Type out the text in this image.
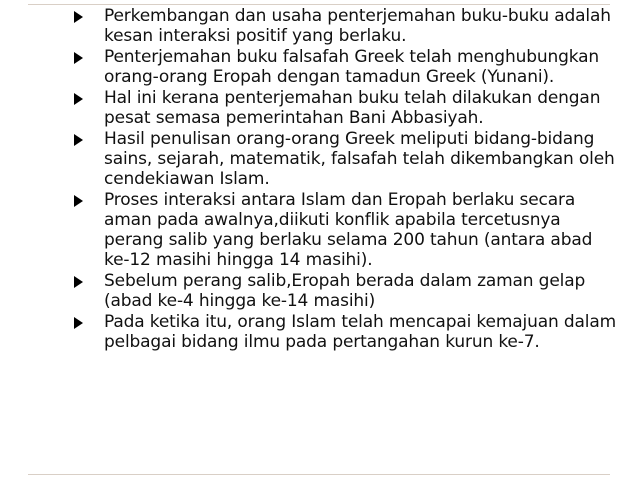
Perkembangan dan usaha penterjemahan buku-buku adalah kesan interaksi positif yang berlaku.
Penterjemahan buku falsafah Greek telah menghubungkan orang-orang Eropah dengan tamadun Greek (Yunani).
Hal ini kerana penterjemahan buku telah dilakukan dengan pesat semasa pemerintahan Bani Abbasiyah.
Hasil penulisan orang-orang Greek meliputi bidang-bidang sains, sejarah, matematik, falsafah telah dikembangkan oleh cendekiawan Islam.
Proses interaksi antara Islam dan Eropah berlaku secara aman pada awalnya,diikuti konflik apabila tercetusnya perang salib yang berlaku selama 200 tahun (antara abad ke-12 masihi hingga 14 masihi).
Sebelum perang salib,Eropah berada dalam zaman gelap (abad ke-4 hingga ke-14 masihi)
Pada ketika itu, orang Islam telah mencapai kemajuan dalam pelbagai bidang ilmu pada pertangahan kurun ke-7.
